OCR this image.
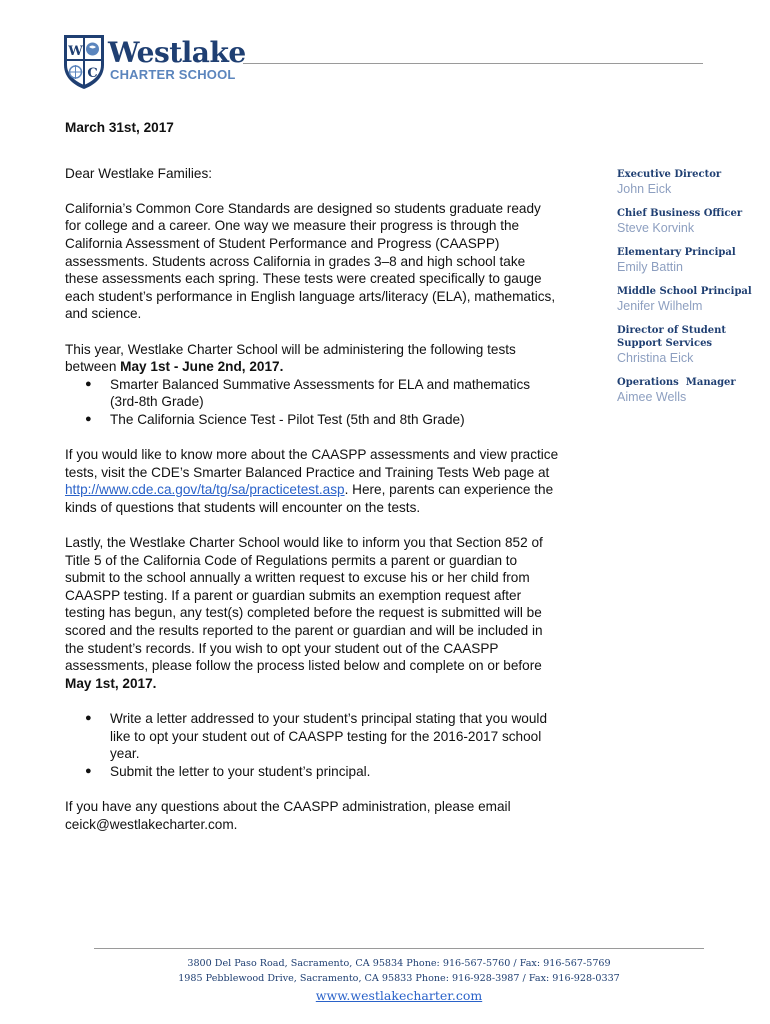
W
C
Westlake
CHARTER SCHOOL

March 31st, 2017

Dear Westlake Families:

California’s Common Core Standards are designed so students graduate ready for college and a career. One way we measure their progress is through the California Assessment of Student Performance and Progress (CAASPP) assessments. Students across California in grades 3–8 and high school take these assessments each spring. These tests were created specifically to gauge each student’s performance in English language arts/literacy (ELA), mathematics, and science.

This year, Westlake Charter School will be administering the following tests between May 1st - June 2nd, 2017.

● Smarter Balanced Summative Assessments for ELA and mathematics (3rd-8th Grade)
● The California Science Test - Pilot Test (5th and 8th Grade)

If you would like to know more about the CAASPP assessments and view practice tests, visit the CDE’s Smarter Balanced Practice and Training Tests Web page at http://www.cde.ca.gov/ta/tg/sa/practicetest.asp. Here, parents can experience the kinds of questions that students will encounter on the tests.

Lastly, the Westlake Charter School would like to inform you that Section 852 of Title 5 of the California Code of Regulations permits a parent or guardian to submit to the school annually a written request to excuse his or her child from CAASPP testing. If a parent or guardian submits an exemption request after testing has begun, any test(s) completed before the request is submitted will be scored and the results reported to the parent or guardian and will be included in the student’s records. If you wish to opt your student out of the CAASPP assessments, please follow the process listed below and complete on or before May 1st, 2017.

● Write a letter addressed to your student’s principal stating that you would like to opt your student out of CAASPP testing for the 2016-2017 school year.
● Submit the letter to your student’s principal.

If you have any questions about the CAASPP administration, please email ceick@westlakecharter.com.

Executive Director
John Eick
Chief Business Officer
Steve Korvink
Elementary Principal
Emily Battin
Middle School Principal
Jenifer Wilhelm
Director of Student Support Services
Christina Eick
Operations  Manager
Aimee Wells
3800 Del Paso Road, Sacramento, CA 95834 Phone: 916-567-5760 / Fax: 916-567-5769
1985 Pebblewood Drive, Sacramento, CA 95833 Phone: 916-928-3987 / Fax: 916-928-0337
www.westlakecharter.com
